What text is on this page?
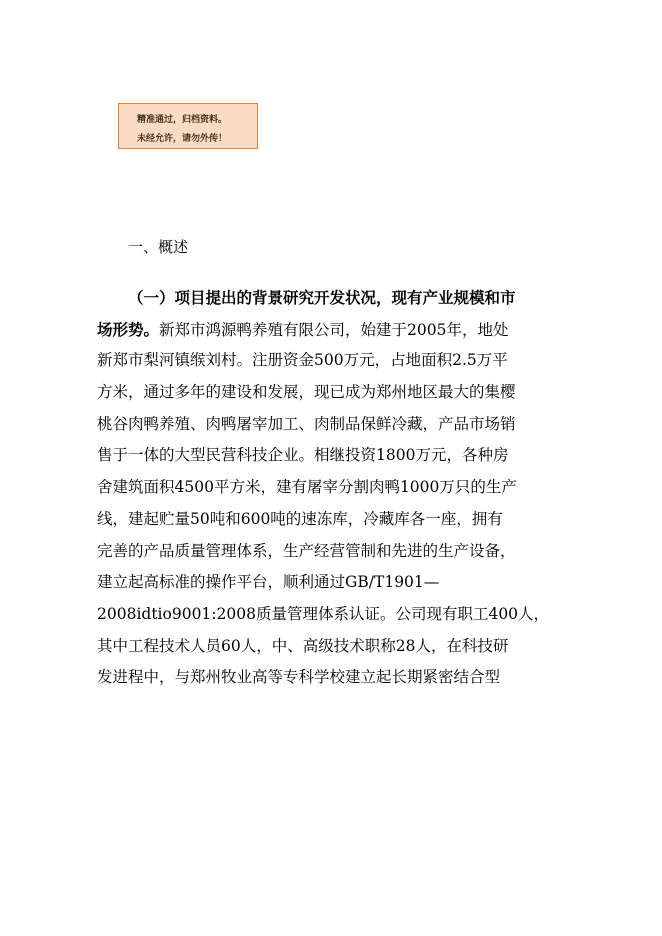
精准通过，归档资料。
未经允许，请勿外传！
一、概述
（一）项目提出的背景研究开发状况，现有产业规模和市
场形势。新郑市鸿源鸭养殖有限公司，始建于2005年，地处
新郑市梨河镇缑刘村。注册资金500万元，占地面积2.5万平
方米，通过多年的建设和发展，现已成为郑州地区最大的集樱
桃谷肉鸭养殖、肉鸭屠宰加工、肉制品保鲜冷藏，产品市场销
售于一体的大型民营科技企业。相继投资1800万元，各种房
舍建筑面积4500平方米，建有屠宰分割肉鸭1000万只的生产
线，建起贮量50吨和600吨的速冻库，冷藏库各一座，拥有
完善的产品质量管理体系，生产经营管制和先进的生产设备，
建立起高标准的操作平台，顺利通过GB/T1901—
2008idtio9001:2008质量管理体系认证。公司现有职工400人，
其中工程技术人员60人，中、高级技术职称28人，在科技研
发进程中，与郑州牧业高等专科学校建立起长期紧密结合型
